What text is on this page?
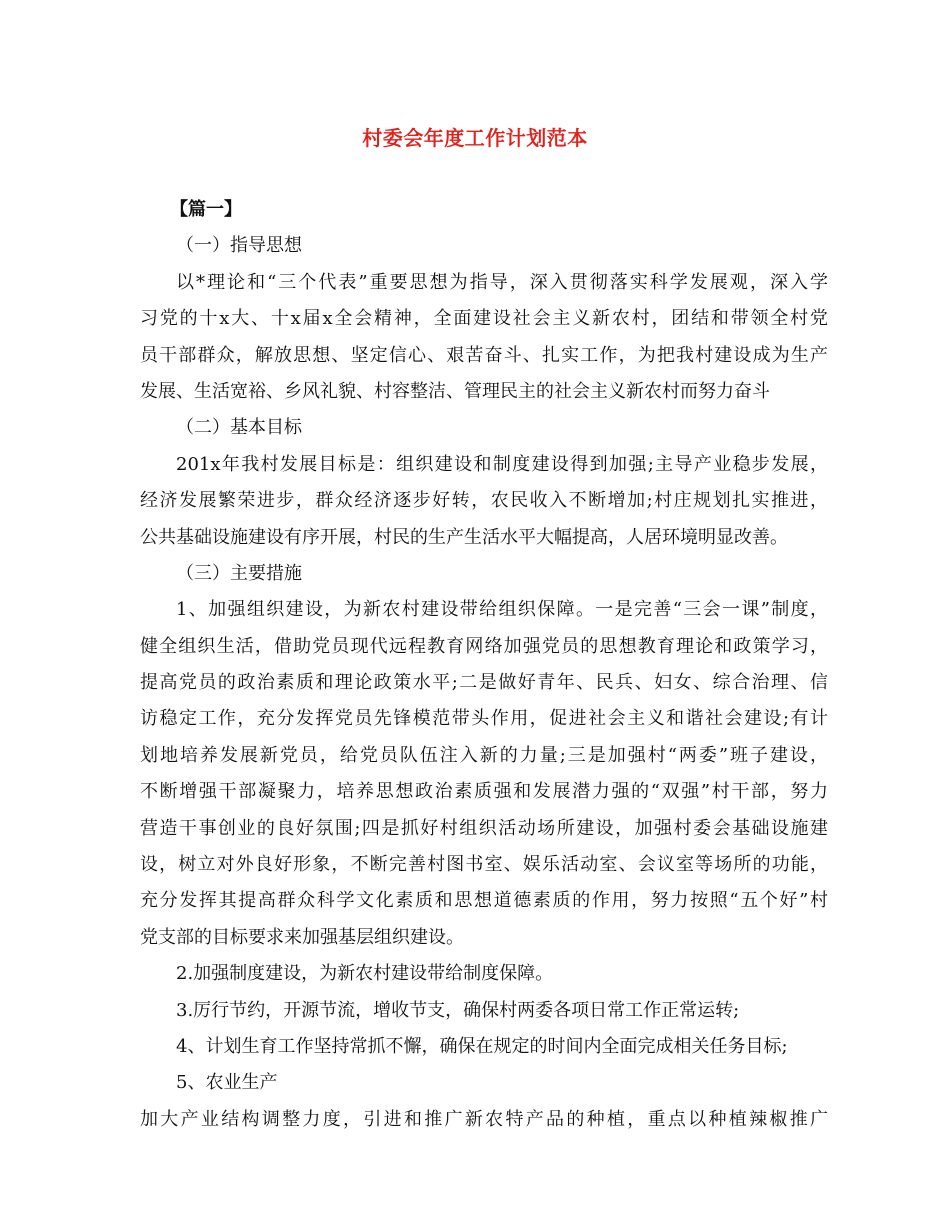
村委会年度工作计划范本
【篇一】
（一）指导思想
以*理论和“三个代表”重要思想为指导，深入贯彻落实科学发展观，深入学
习党的十x大、十x届x全会精神，全面建设社会主义新农村，团结和带领全村党
员干部群众，解放思想、坚定信心、艰苦奋斗、扎实工作，为把我村建设成为生产
发展、生活宽裕、乡风礼貌、村容整洁、管理民主的社会主义新农村而努力奋斗
（二）基本目标
201x年我村发展目标是：组织建设和制度建设得到加强;主导产业稳步发展，
经济发展繁荣进步，群众经济逐步好转，农民收入不断增加;村庄规划扎实推进，
公共基础设施建设有序开展，村民的生产生活水平大幅提高，人居环境明显改善。
（三）主要措施
1、加强组织建设，为新农村建设带给组织保障。一是完善“三会一课”制度，
健全组织生活，借助党员现代远程教育网络加强党员的思想教育理论和政策学习，
提高党员的政治素质和理论政策水平;二是做好青年、民兵、妇女、综合治理、信
访稳定工作，充分发挥党员先锋模范带头作用，促进社会主义和谐社会建设;有计
划地培养发展新党员，给党员队伍注入新的力量;三是加强村“两委”班子建设，
不断增强干部凝聚力，培养思想政治素质强和发展潜力强的“双强”村干部，努力
营造干事创业的良好氛围;四是抓好村组织活动场所建设，加强村委会基础设施建
设，树立对外良好形象，不断完善村图书室、娱乐活动室、会议室等场所的功能，
充分发挥其提高群众科学文化素质和思想道德素质的作用，努力按照“五个好”村
党支部的目标要求来加强基层组织建设。
2.加强制度建设，为新农村建设带给制度保障。
3.厉行节约，开源节流，增收节支，确保村两委各项日常工作正常运转;
4、计划生育工作坚持常抓不懈，确保在规定的时间内全面完成相关任务目标;
5、农业生产
加大产业结构调整力度，引进和推广新农特产品的种植，重点以种植辣椒推广
